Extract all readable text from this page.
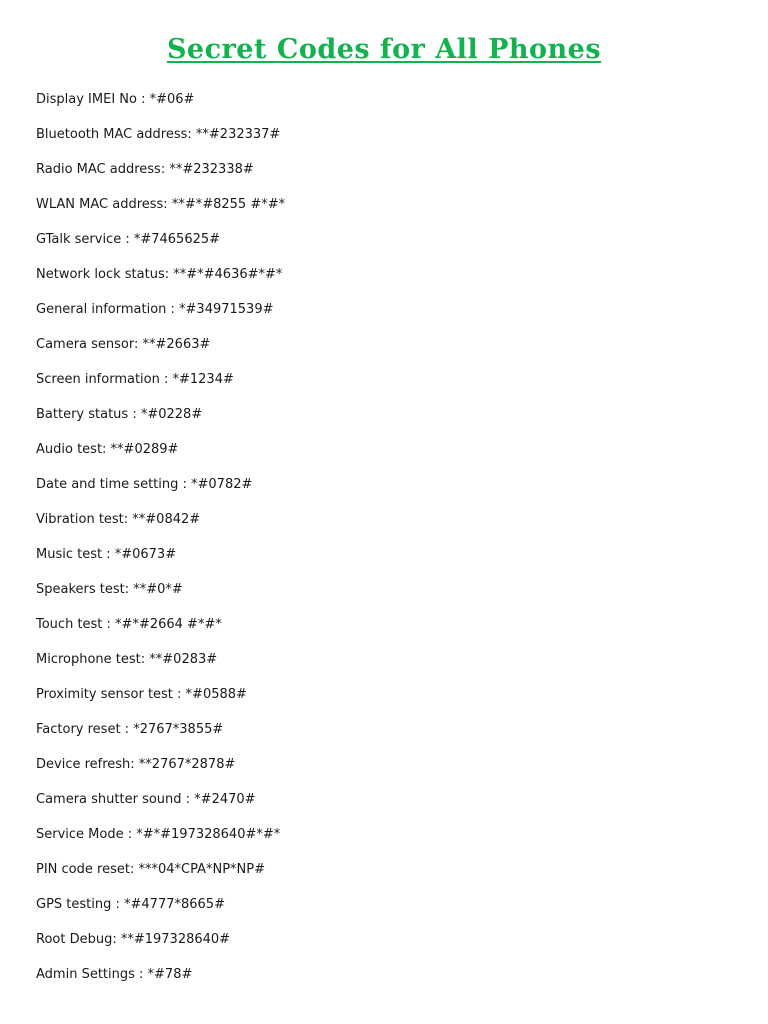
Secret Codes for All Phones
Display IMEI No : *#06#
Bluetooth MAC address: **#232337#
Radio MAC address: **#232338#
WLAN MAC address: **#*#8255 #*#*
GTalk service : *#7465625#
Network lock status: **#*#4636#*#*
General information : *#34971539#
Camera sensor: **#2663#
Screen information : *#1234#
Battery status : *#0228#
Audio test: **#0289#
Date and time setting : *#0782#
Vibration test: **#0842#
Music test : *#0673#
Speakers test: **#0*#
Touch test : *#*#2664 #*#*
Microphone test: **#0283#
Proximity sensor test : *#0588#
Factory reset : *2767*3855#
Device refresh: **2767*2878#
Camera shutter sound : *#2470#
Service Mode : *#*#197328640#*#*
PIN code reset: ***04*CPA*NP*NP#
GPS testing : *#4777*8665#
Root Debug: **#197328640#
Admin Settings : *#78#
